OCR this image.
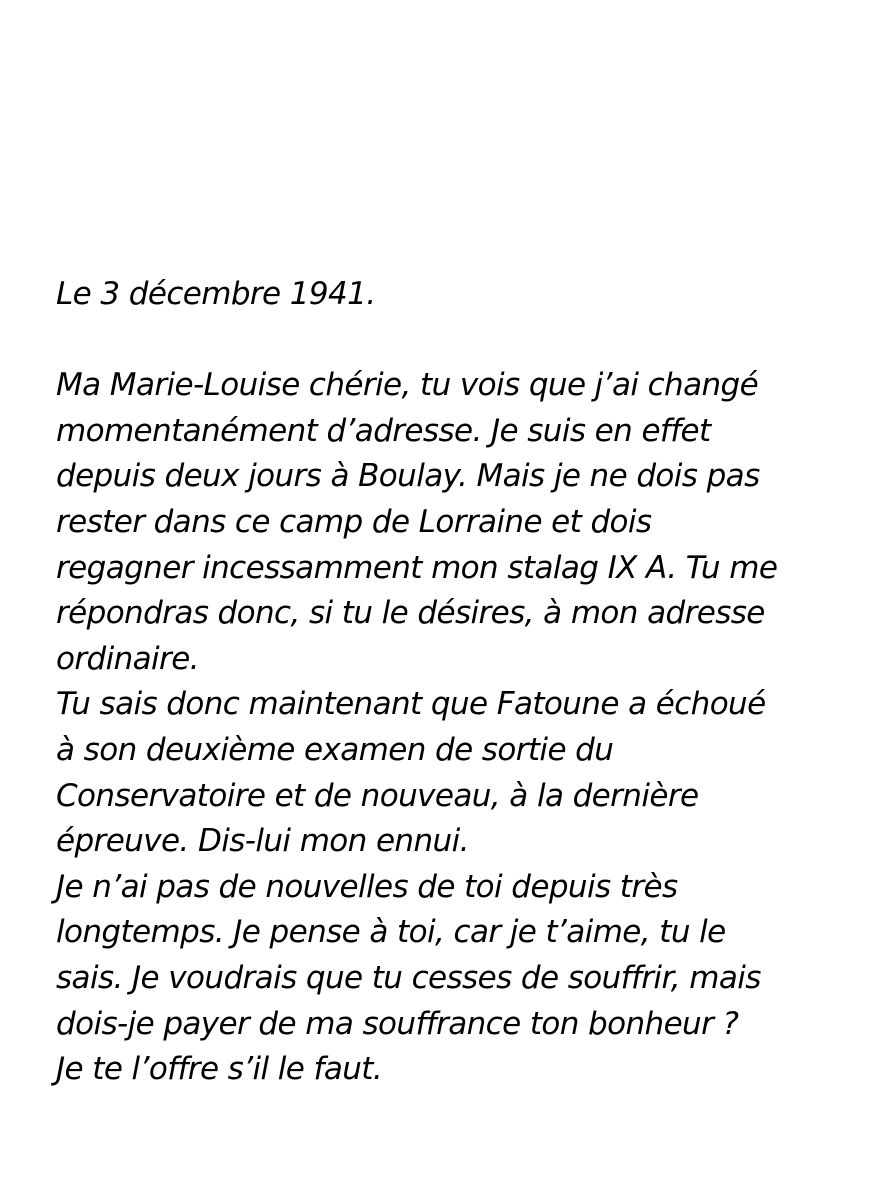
Le 3 décembre 1941.
Ma Marie-Louise chérie, tu vois que j’ai changé
momentanément d’adresse. Je suis en effet
depuis deux jours à Boulay. Mais je ne dois pas
rester dans ce camp de Lorraine et dois
regagner incessamment mon stalag IX A. Tu me
répondras donc, si tu le désires, à mon adresse
ordinaire.
Tu sais donc maintenant que Fatoune a échoué
à son deuxième examen de sortie du
Conservatoire et de nouveau, à la dernière
épreuve. Dis-lui mon ennui.
Je n’ai pas de nouvelles de toi depuis très
longtemps. Je pense à toi, car je t’aime, tu le
sais. Je voudrais que tu cesses de souffrir, mais
dois-je payer de ma souffrance ton bonheur ?
Je te l’offre s’il le faut.
